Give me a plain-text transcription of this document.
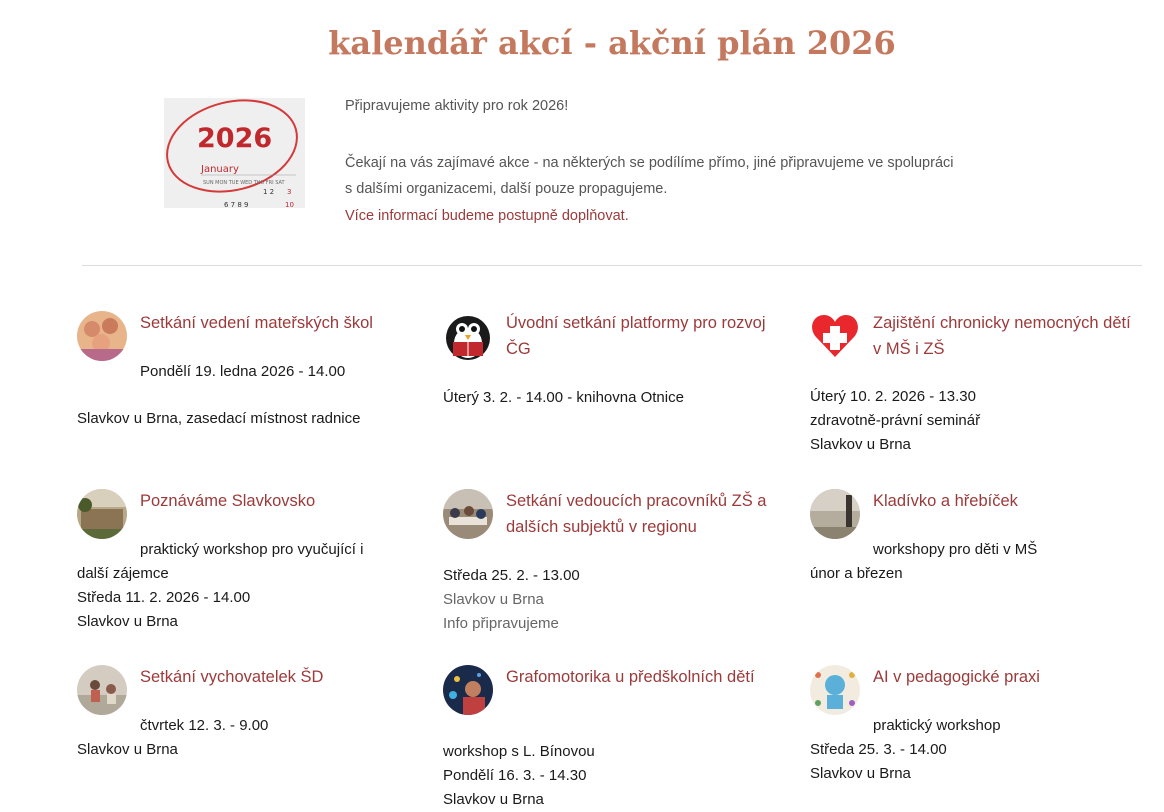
kalendář akcí - akční plán 2026
2026
January
SUN MON TUE WED THU FRI SAT
1 2 3
6 7 8 9	10

Připravujeme aktivity pro rok 2026!

Čekají na vás zajímavé akce - na některých se podílíme přímo, jiné připravujeme ve spolupráci

s dalšími organizacemi, další pouze propagujeme.

Více informací budeme postupně doplňovat.

Setkání vedení mateřských škol
Pondělí 19. ledna 2026 - 14.00
Slavkov u Brna, zasedací místnost radnice
Úvodní setkání platformy pro rozvoj ČG
Úterý 3. 2. - 14.00 - knihovna Otnice
Zajištění chronicky nemocných dětí v MŠ i ZŠ
Úterý 10. 2. 2026 - 13.30
zdravotně-právní seminář
Slavkov u Brna
Poznáváme Slavkovsko
praktický workshop pro vyučující i
další zájemce
Středa 11. 2. 2026 - 14.00
Slavkov u Brna
Setkání vedoucích pracovníků ZŠ a dalších subjektů v regionu
Středa 25. 2. - 13.00
Slavkov u Brna
Info připravujeme
Kladívko a hřebíček
workshopy pro děti v MŠ
únor a březen
Setkání vychovatelek ŠD
čtvrtek 12. 3. - 9.00
Slavkov u Brna
Grafomotorika u předškolních dětí
workshop s L. Bínovou
Pondělí 16. 3. - 14.30
Slavkov u Brna
AI v pedagogické praxi
praktický workshop
Středa 25. 3. - 14.00
Slavkov u Brna
